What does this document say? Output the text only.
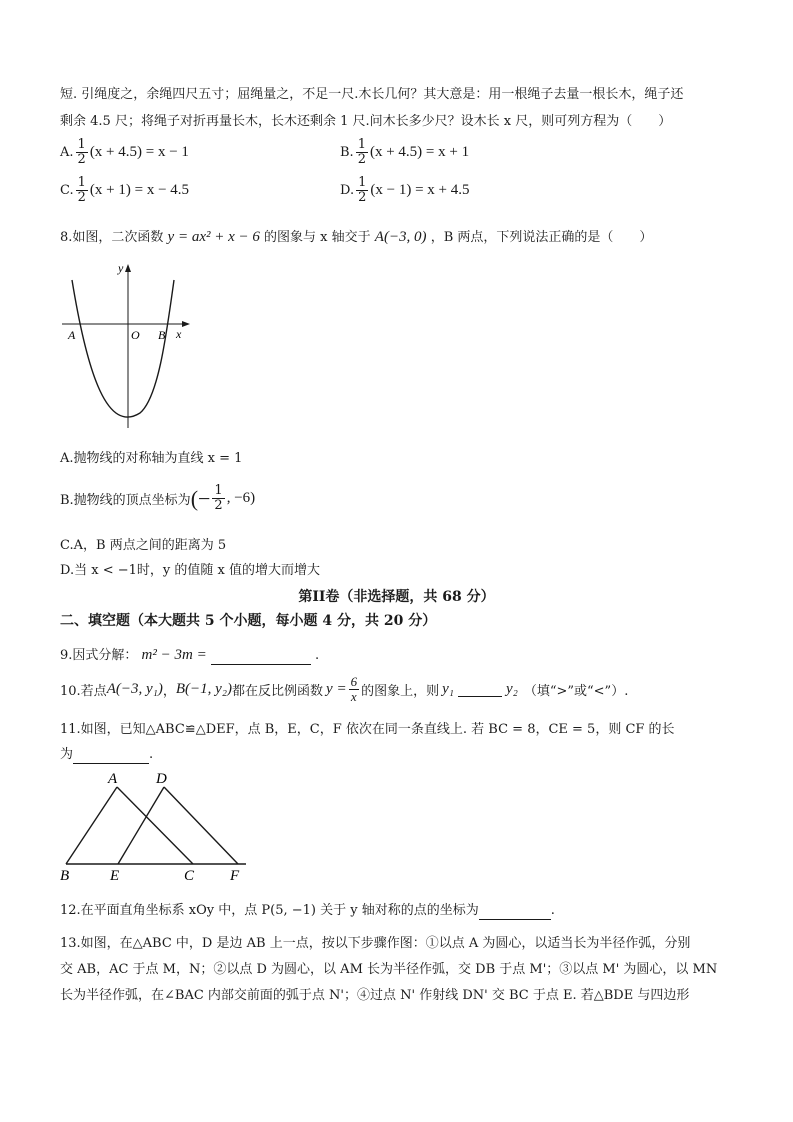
短. 引绳度之，余绳四尺五寸；屈绳量之，不足一尺.木长几何？其大意是：用一根绳子去量一根长木，绳子还
剩余 4.5 尺；将绳子对折再量长木，长木还剩余 1 尺.问木长多少尺？设木长 x 尺，则可列方程为（　　）
A. $\frac{1}{2} (x + 4.5) = x - 1$	B. $\frac{1}{2} (x + 4.5) = x + 1$
C. $\frac{1}{2} (x + 1) = x - 4.5$	D. $\frac{1}{2} (x - 1) = x + 4.5$
8.如图，二次函数 y = ax² + x − 6 的图象与 x 轴交于 A(−3, 0) ，B 两点，下列说法正确的是（　　）
y
x
A	O B
A.抛物线的对称轴为直线 x = 1
B.抛物线的顶点坐标为 (− $\frac{1}{2}$ , −6)
C.A，B 两点之间的距离为 5
D.当 x < −1时，y 的值随 x 值的增大而增大
第II卷（非选择题，共 68 分）
二、填空题（本大题共 5 个小题，每小题 4 分，共 20 分）
9.因式分解： m² − 3m =	.
10.若点 A(−3, y₁) ， B(−1, y₂) 都在反比例函数 $y = \frac{6}{x}$ 的图象上，则 y₁	y₂ （填“>”或“<”）.
11.如图，已知△ABC≌△DEF，点 B，E，C，F 依次在同一条直线上. 若 BC = 8，CE = 5，则 CF 的长
为	.
A	D
B	E	C F
12.在平面直角坐标系 xOy 中，点 P(5, −1) 关于 y 轴对称的点的坐标为	.
13.如图，在△ABC 中，D 是边 AB 上一点，按以下步骤作图：①以点 A 为圆心，以适当长为半径作弧，分别
交 AB，AC 于点 M，N；②以点 D 为圆心，以 AM 长为半径作弧，交 DB 于点 M'；③以点 M' 为圆心，以 MN
长为半径作弧，在∠BAC 内部交前面的弧于点 N'；④过点 N' 作射线 DN' 交 BC 于点 E. 若△BDE 与四边形
